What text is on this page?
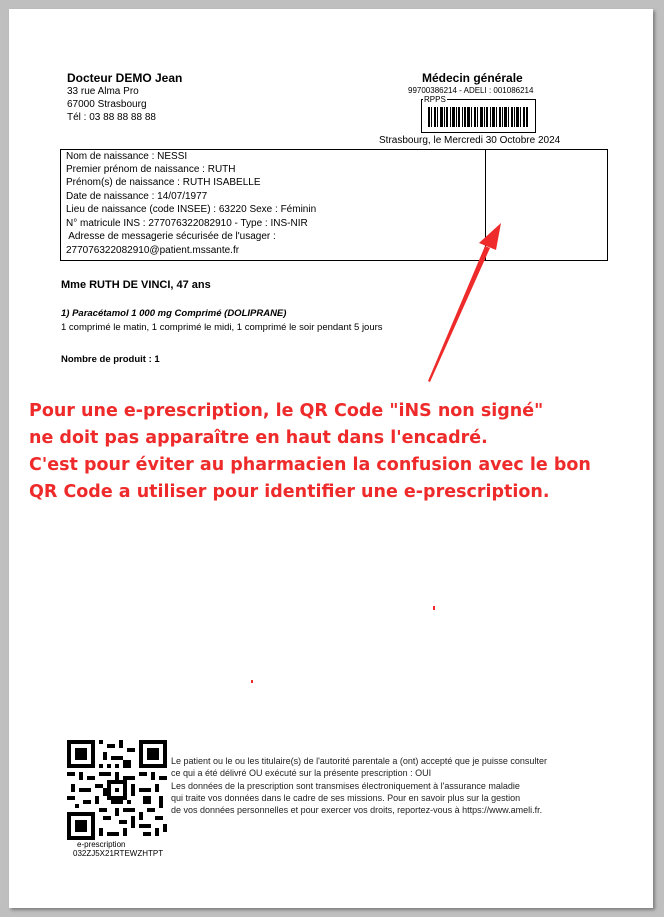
Docteur DEMO Jean
33 rue Alma Pro
67000 Strasbourg
Tél : 03 88 88 88 88
Médecin générale
99700386214 - ADELI : 001086214
RPPS
Strasbourg, le Mercredi 30 Octobre 2024
Nom de naissance : NESSI
Premier prénom de naissance : RUTH
Prénom(s) de naissance : RUTH ISABELLE
Date de naissance : 14/07/1977
Lieu de naissance (code INSEE) : 63220 Sexe : Féminin
N° matricule INS : 277076322082910 - Type : INS-NIR
Adresse de messagerie sécurisée de l'usager :
277076322082910@patient.mssante.fr
Mme RUTH DE VINCI, 47 ans
1) Paracétamol 1 000 mg Comprimé (DOLIPRANE)
1 comprimé le matin, 1 comprimé le midi, 1 comprimé le soir pendant 5 jours
Nombre de produit : 1
Pour une e-prescription, le QR Code "iNS non signé"
ne doit pas apparaître en haut dans l'encadré.
C'est pour éviter au pharmacien la confusion avec le bon
QR Code a utiliser pour identifier une e-prescription.
e-prescription
032ZJ5X21RTEWZHTPT
Le patient ou le ou les titulaire(s) de l'autorité parentale a (ont) accepté que je puisse consulter
ce qui a été délivré OU exécuté sur la présente prescription : OUI
Les données de la prescription sont transmises électroniquement à l'assurance maladie
qui traite vos données dans le cadre de ses missions. Pour en savoir plus sur la gestion
de vos données personnelles et pour exercer vos droits, reportez-vous à https://www.ameli.fr.
